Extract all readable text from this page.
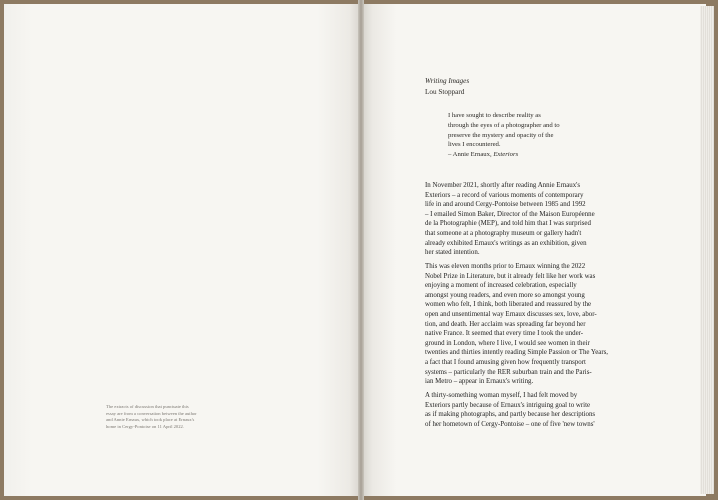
The extracts of discussion that punctuate this
essay are from a conversation between the author
and Annie Ernaux, which took place at Ernaux's
home in Cergy-Pontoise on 11 April 2022.
Writing Images
Lou Stoppard
I have sought to describe reality as
through the eyes of a photographer and to
preserve the mystery and opacity of the
lives I encountered.
– Annie Ernaux, Exteriors
In November 2021, shortly after reading Annie Ernaux's
Exteriors – a record of various moments of contemporary
life in and around Cergy-Pontoise between 1985 and 1992
– I emailed Simon Baker, Director of the Maison Européenne
de la Photographie (MEP), and told him that I was surprised
that someone at a photography museum or gallery hadn't
already exhibited Ernaux's writings as an exhibition, given
her stated intention.
This was eleven months prior to Ernaux winning the 2022
Nobel Prize in Literature, but it already felt like her work was
enjoying a moment of increased celebration, especially
amongst young readers, and even more so amongst young
women who felt, I think, both liberated and reassured by the
open and unsentimental way Ernaux discusses sex, love, abor-
tion, and death. Her acclaim was spreading far beyond her
native France. It seemed that every time I took the under-
ground in London, where I live, I would see women in their
twenties and thirties intently reading Simple Passion or The Years,
a fact that I found amusing given how frequently transport
systems – particularly the RER suburban train and the Paris-
ian Metro – appear in Ernaux's writing.
A thirty-something woman myself, I had felt moved by
Exteriors partly because of Ernaux's intriguing goal to write
as if making photographs, and partly because her descriptions
of her hometown of Cergy-Pontoise – one of five 'new towns'
